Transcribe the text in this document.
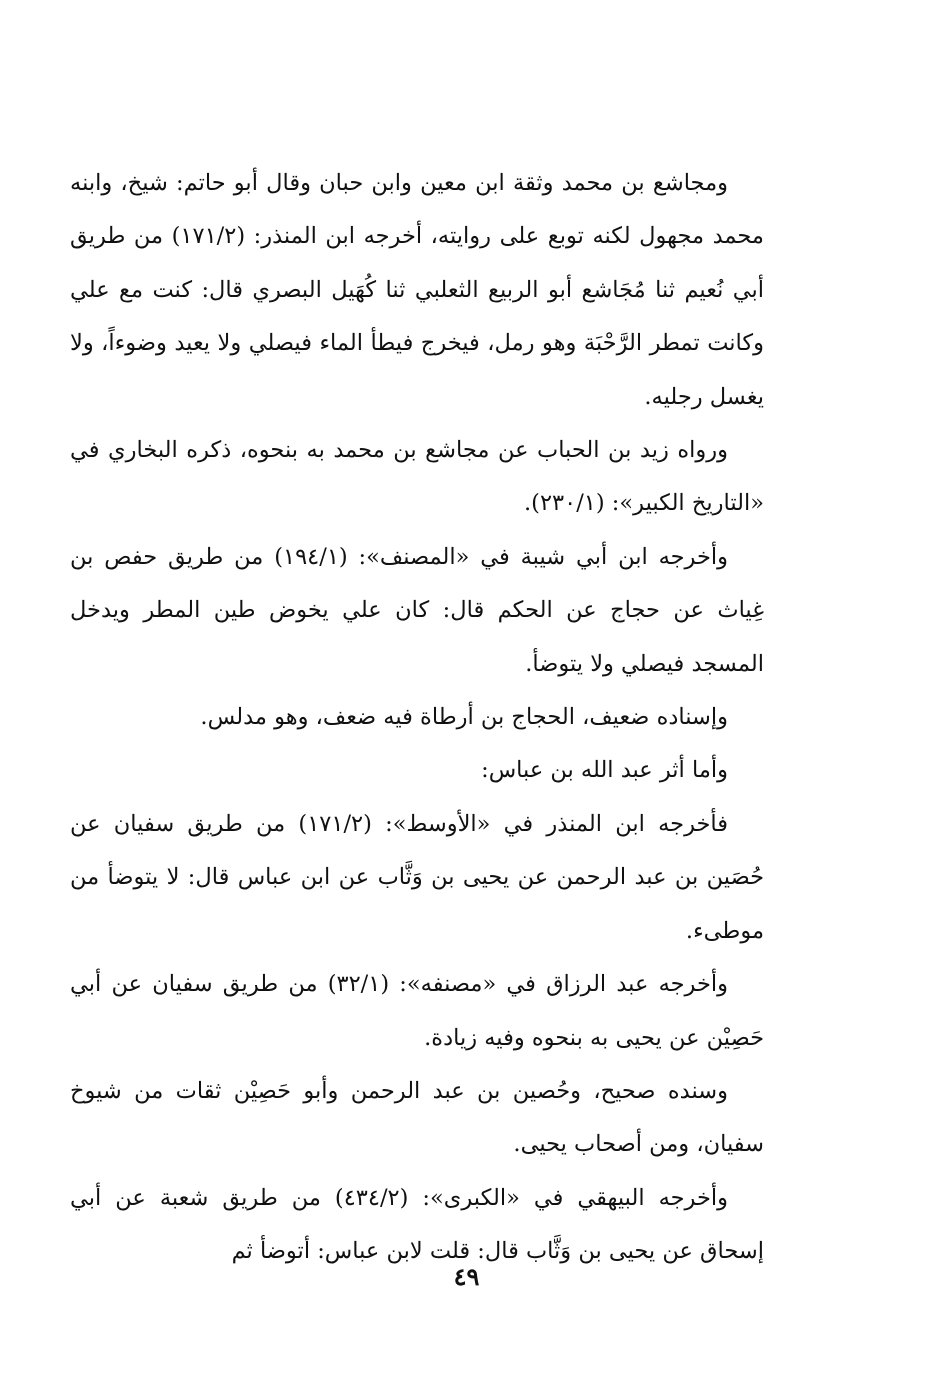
ومجاشع بن محمد وثقة ابن معين وابن حبان وقال أبو حاتم: شيخ، وابنه محمد مجهول لكنه توبع على روايته، أخرجه ابن المنذر: (١٧١/٢) من طريق أبي نُعيم ثنا مُجَاشع أبو الربيع الثعلبي ثنا كُهَيل البصري قال: كنت مع علي وكانت تمطر الرَّحْبَة وهو رمل، فيخرج فيطأ الماء فيصلي ولا يعيد وضوءاً، ولا يغسل رجليه.

ورواه زيد بن الحباب عن مجاشع بن محمد به بنحوه، ذكره البخاري في «التاريخ الكبير»: (٢٣٠/١).

وأخرجه ابن أبي شيبة في «المصنف»: (١٩٤/١) من طريق حفص بن غِياث عن حجاج عن الحكم قال: كان علي يخوض طين المطر ويدخل المسجد فيصلي ولا يتوضأ.

وإسناده ضعيف، الحجاج بن أرطاة فيه ضعف، وهو مدلس.

وأما أثر عبد الله بن عباس:

فأخرجه ابن المنذر في «الأوسط»: (١٧١/٢) من طريق سفيان عن حُصَين بن عبد الرحمن عن يحيى بن وَثَّاب عن ابن عباس قال: لا يتوضأ من موطىء.

وأخرجه عبد الرزاق في «مصنفه»: (٣٢/١) من طريق سفيان عن أبي حَصِيْن عن يحيى به بنحوه وفيه زيادة.

وسنده صحيح، وحُصين بن عبد الرحمن وأبو حَصِيْن ثقات من شيوخ سفيان، ومن أصحاب يحيى.

وأخرجه البيهقي في «الكبرى»: (٤٣٤/٢) من طريق شعبة عن أبي إسحاق عن يحيى بن وَثَّاب قال: قلت لابن عباس: أتوضأ ثم

٤٩
